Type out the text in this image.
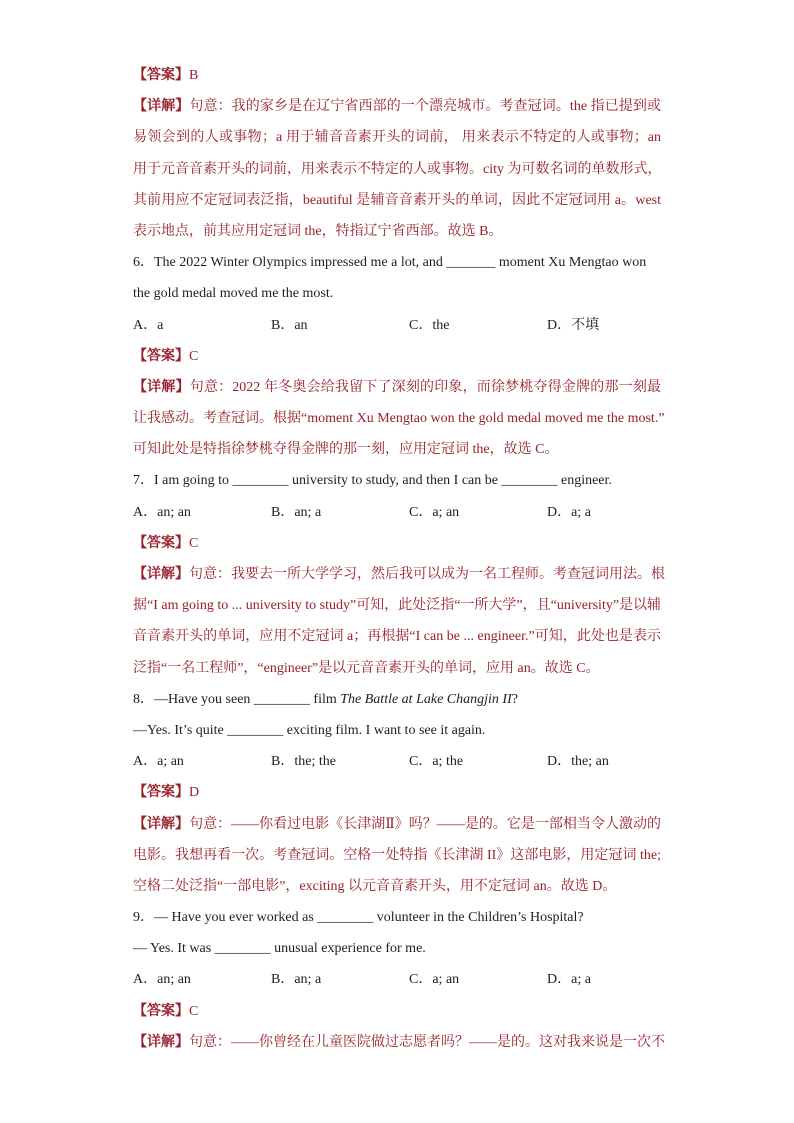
【答案】B
【详解】句意：我的家乡是在辽宁省西部的一个漂亮城市。考查冠词。the 指已提到或
易领会到的人或事物；a 用于辅音音素开头的词前， 用来表示不特定的人或事物；an
用于元音音素开头的词前，用来表示不特定的人或事物。city 为可数名词的单数形式，
其前用应不定冠词表泛指，beautiful 是辅音音素开头的单词，因此不定冠词用 a。west
表示地点，前其应用定冠词 the，特指辽宁省西部。故选 B。
6．The 2022 Winter Olympics impressed me a lot, and _______ moment Xu Mengtao won
the gold medal moved me the most.
A．a	B．an	C．the	D．不填
【答案】C
【详解】句意：2022 年冬奥会给我留下了深刻的印象，而徐梦桃夺得金牌的那一刻最
让我感动。考查冠词。根据“moment Xu Mengtao won the gold medal moved me the most.”
可知此处是特指徐梦桃夺得金牌的那一刻，应用定冠词 the，故选 C。
7．I am going to ________ university to study, and then I can be ________ engineer.
A．an; an	B．an; a	C．a; an	D．a; a
【答案】C
【详解】句意：我要去一所大学学习，然后我可以成为一名工程师。考查冠词用法。根
据“I am going to ... university to study”可知，此处泛指“一所大学”，且“university”是以辅
音音素开头的单词，应用不定冠词 a；再根据“I can be ... engineer.”可知，此处也是表示
泛指“一名工程师”，“engineer”是以元音音素开头的单词，应用 an。故选 C。
8．—Have you seen ________ film The Battle at Lake Changjin II?
—Yes. It’s quite ________ exciting film. I want to see it again.
A．a; an	B．the; the	C．a; the	D．the; an
【答案】D
【详解】句意：——你看过电影《长津湖Ⅱ》吗？——是的。它是一部相当令人激动的
电影。我想再看一次。考查冠词。空格一处特指《长津湖 II》这部电影，用定冠词 the;
空格二处泛指“一部电影”，exciting 以元音音素开头，用不定冠词 an。故选 D。
9．— Have you ever worked as ________ volunteer in the Children’s Hospital?
— Yes. It was ________ unusual experience for me.
A．an; an	B．an; a	C．a; an	D．a; a
【答案】C
【详解】句意：——你曾经在儿童医院做过志愿者吗？——是的。这对我来说是一次不
